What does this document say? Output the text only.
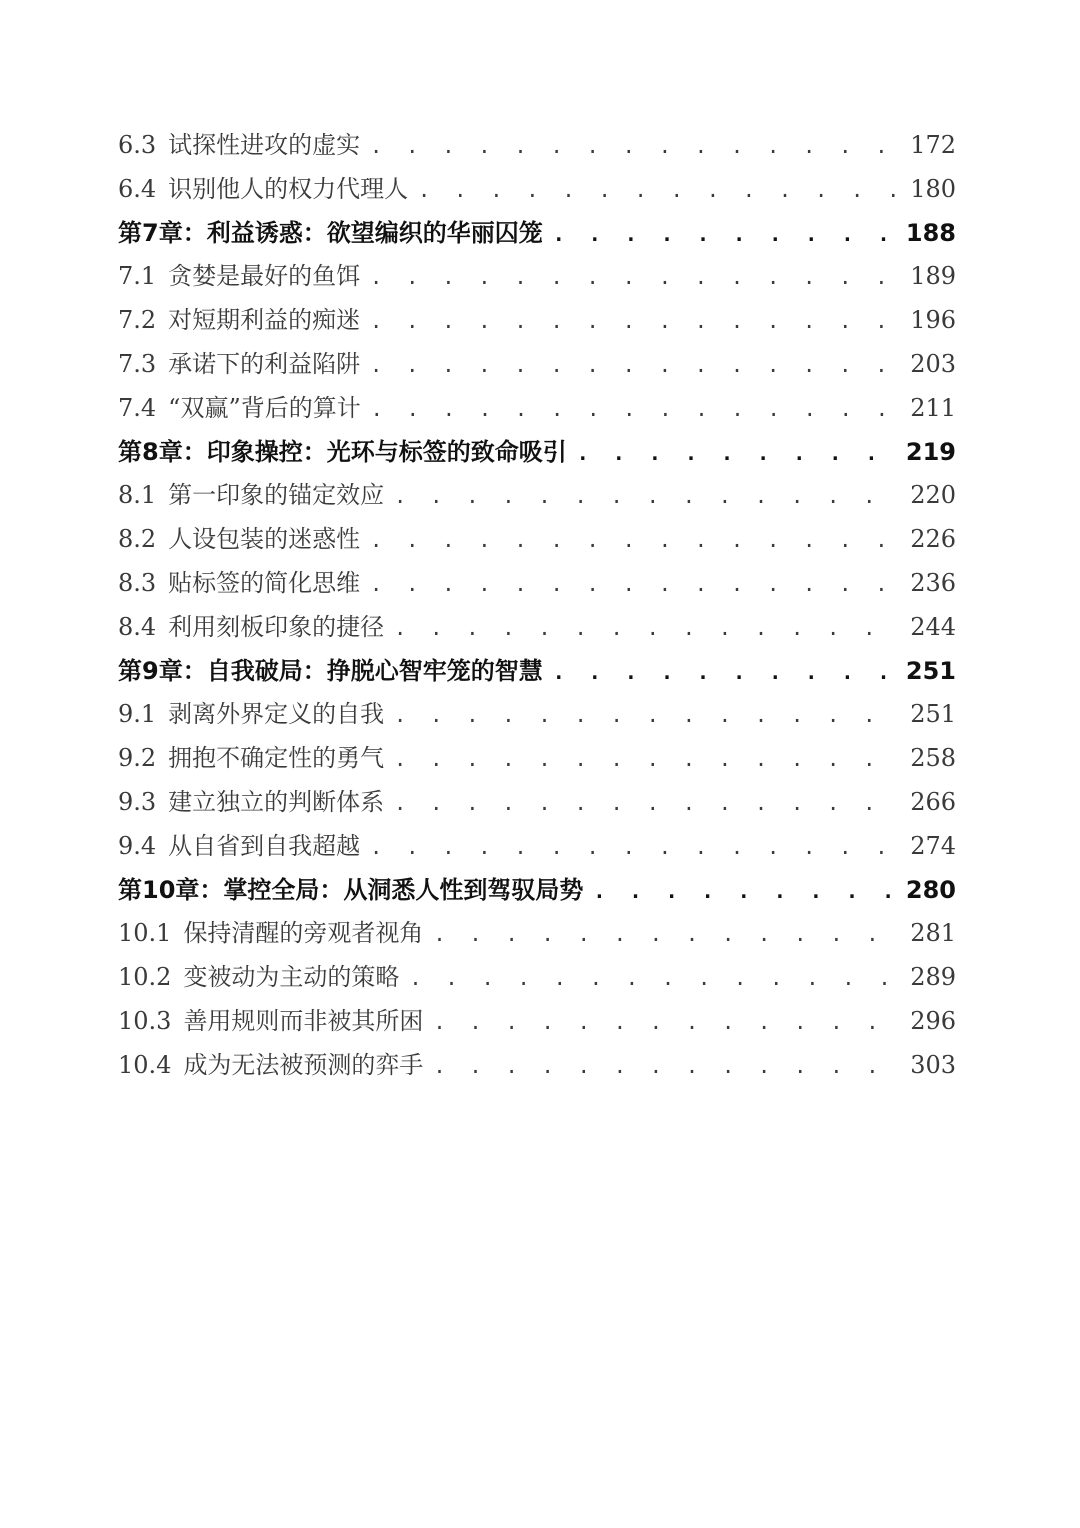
6.3 试探性进攻的虚实 . . .	172
6.4 识别他人的权力代理人 . . .	180
第7章：利益诱惑：欲望编织的华丽囚笼 . . .	188
7.1 贪婪是最好的鱼饵 . . .	189
7.2 对短期利益的痴迷 . . .	196
7.3 承诺下的利益陷阱 . . .	203
7.4 “双赢”背后的算计 . . .	211
第8章：印象操控：光环与标签的致命吸引 . . .	219
8.1 第一印象的锚定效应 . . .	220
8.2 人设包装的迷惑性 . . .	226
8.3 贴标签的简化思维 . . .	236
8.4 利用刻板印象的捷径 . . .	244
第9章：自我破局：挣脱心智牢笼的智慧 . . .	251
9.1 剥离外界定义的自我 . . .	251
9.2 拥抱不确定性的勇气 . . .	258
9.3 建立独立的判断体系 . . .	266
9.4 从自省到自我超越 . . .	274
第10章：掌控全局：从洞悉人性到驾驭局势 . . .	280
10.1 保持清醒的旁观者视角 . . .	281
10.2 变被动为主动的策略 . . .	289
10.3 善用规则而非被其所困 . . .	296
10.4 成为无法被预测的弈手 . . .	303
